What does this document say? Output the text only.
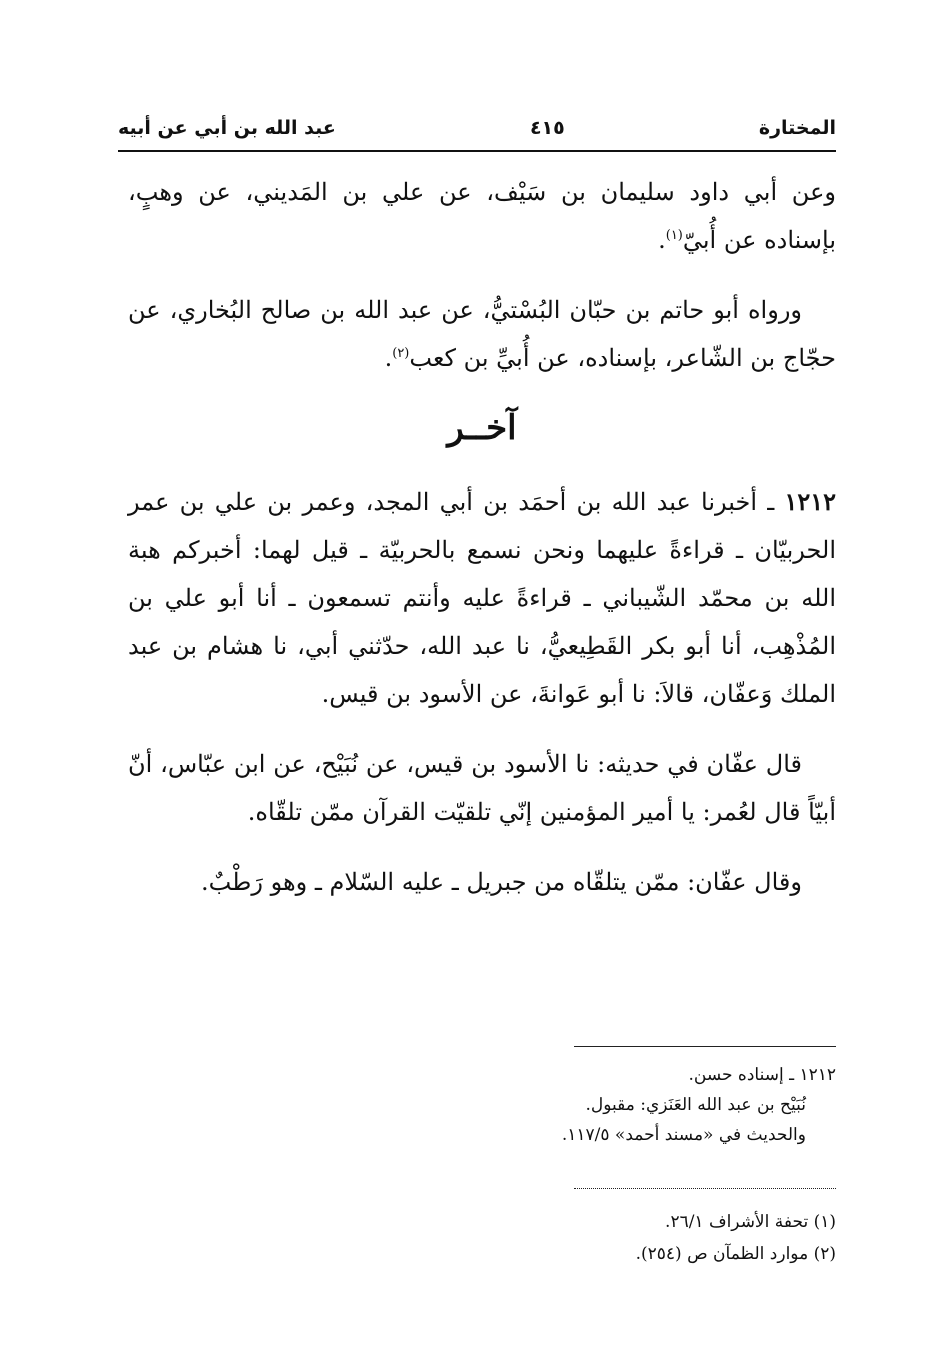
المختارة
٤١٥
عبد الله بن أبي عن أبيه

وعن أبي داود سليمان بن سَيْف، عن علي بن المَديني، عن وهبٍ، بإسناده عن أُبيّ$^{(١)}$.

ورواه أبو حاتم بن حبّان البُسْتيُّ، عن عبد الله بن صالح البُخاري، عن حجّاج بن الشّاعر، بإسناده، عن أُبيِّ بن كعب$^{(٢)}$.

آخــر

١٢١٢ ـ أخبرنا عبد الله بن أحمَد بن أبي المجد، وعمر بن علي بن عمر الحربيّان ـ قراءةً عليهما ونحن نسمع بالحربيّة ـ قيل لهما: أخبركم هبة الله بن محمّد الشّيباني ـ قراءةً عليه وأنتم تسمعون ـ أنا أبو علي بن المُذْهِب، أنا أبو بكر القَطِيعيُّ، نا عبد الله، حدّثني أبي، نا هشام بن عبد الملك وَعفّان، قالاَ: نا أبو عَوانةَ، عن الأسود بن قيس.

قال عفّان في حديثه: نا الأسود بن قيس، عن نُبَيْح، عن ابن عبّاس، أنّ أبيّاً قال لعُمر: يا أمير المؤمنين إنّي تلقيّت القرآن ممّن تلقّاه.

وقال عفّان: ممّن يتلقّاه من جبريل ـ عليه السّلام ـ وهو رَطْبٌ.

١٢١٢ ـ إسناده حسن.
نُبَيْح بن عبد الله العَنَزي: مقبول.
والحديث في «مسند أحمد» ١١٧/٥.
(١) تحفة الأشراف ٢٦/١.
(٢) موارد الظمآن ص (٢٥٤).
